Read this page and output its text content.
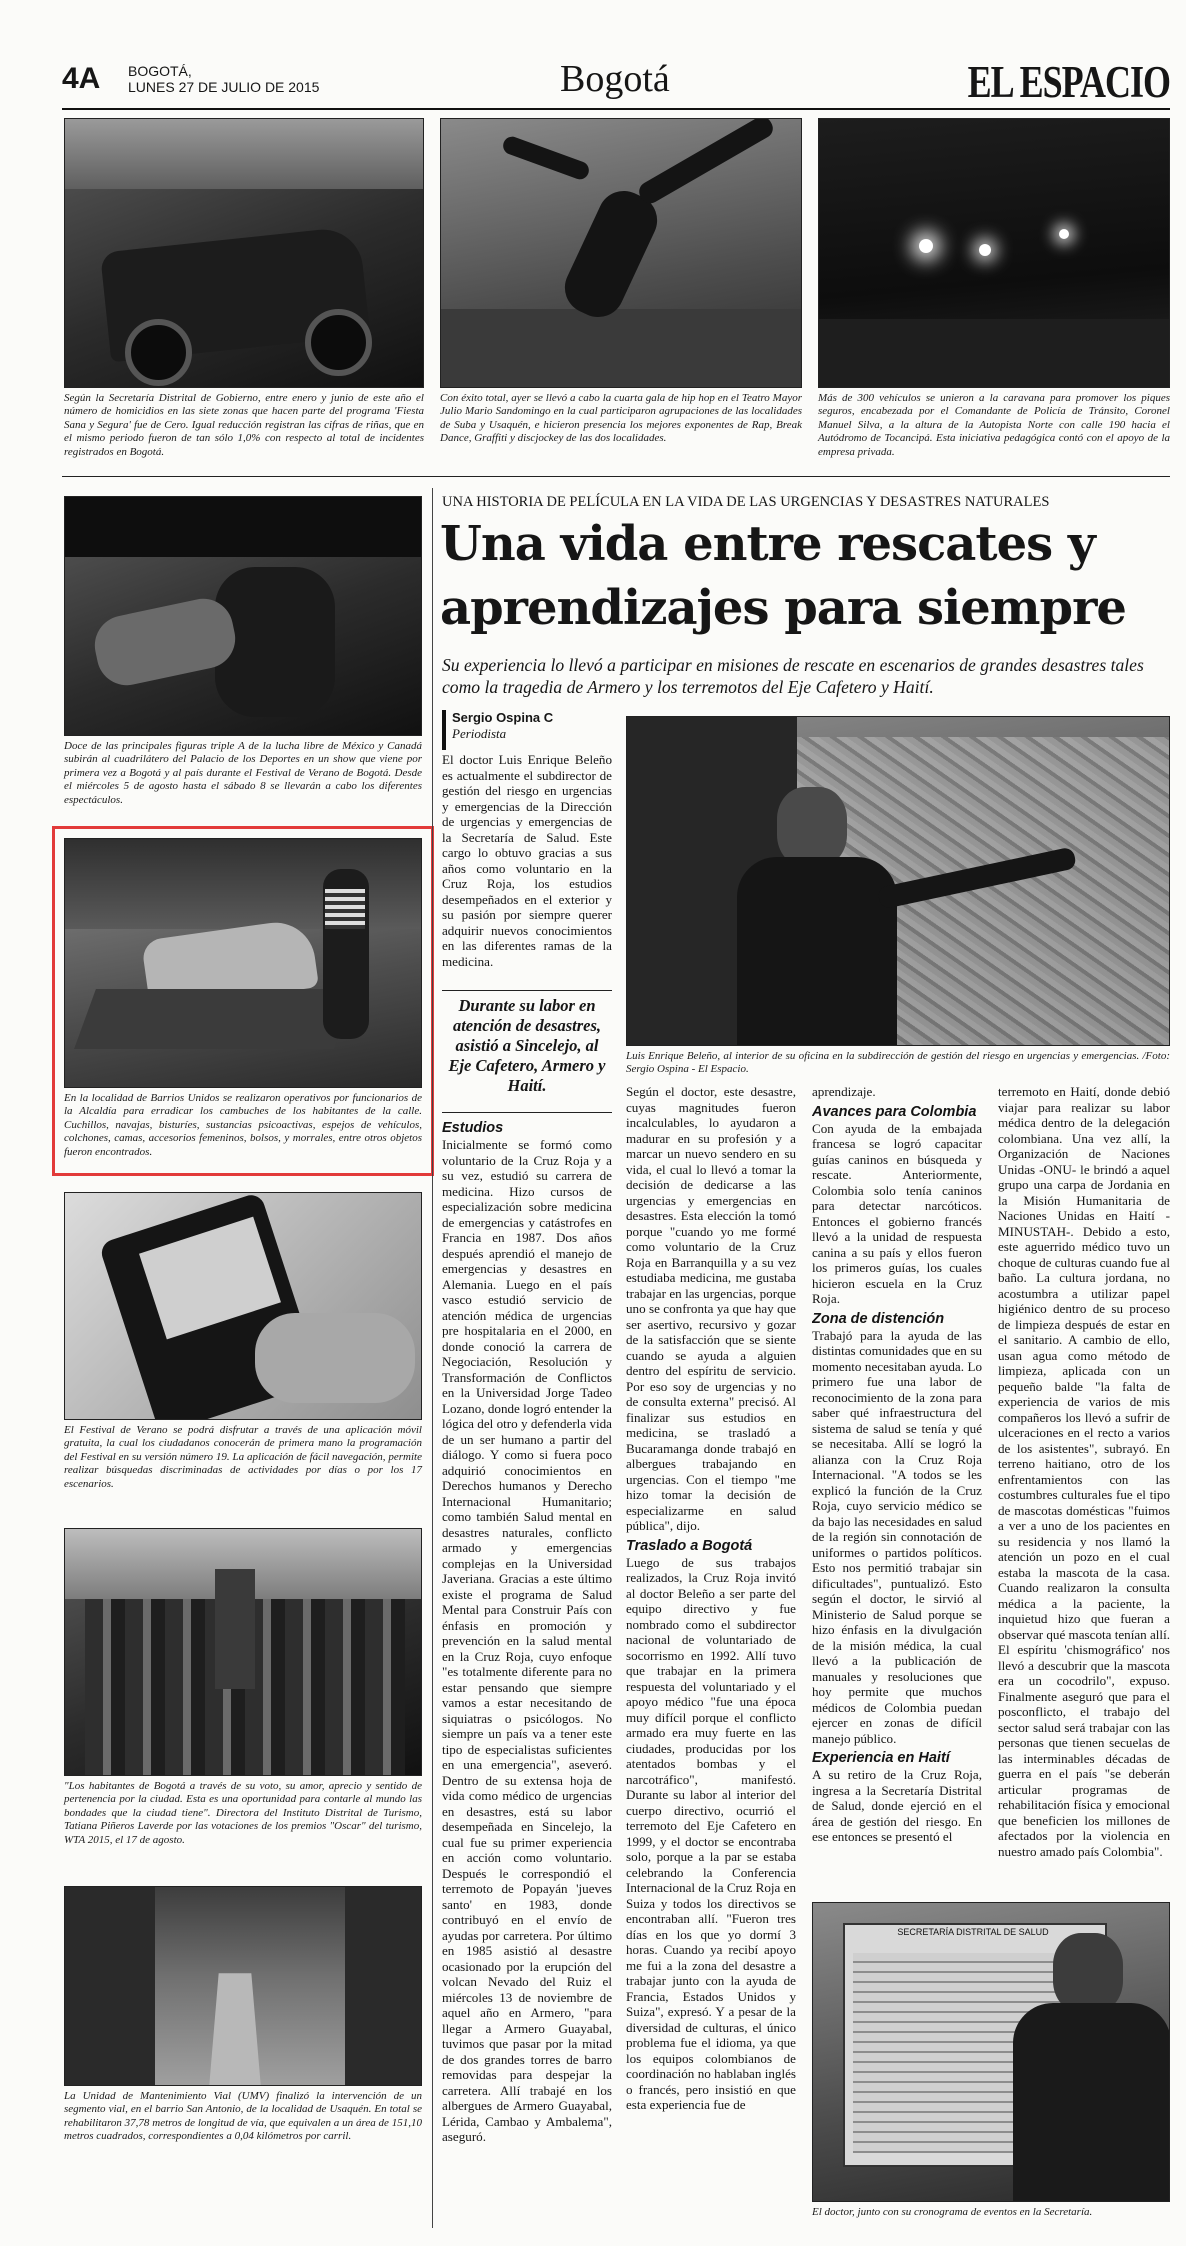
4A BOGOTÁ,
LUNES 27 DE JULIO DE 2015	Bogotá	EL ESPACIO
Según la Secretaría Distrital de Gobierno, entre enero y junio de este año el número de homicidios en las siete zonas que hacen parte del programa 'Fiesta Sana y Segura' fue de Cero. Igual reducción registran las cifras de riñas, que en el mismo periodo fueron de tan sólo 1,0% con respecto al total de incidentes registrados en Bogotá.
Con éxito total, ayer se llevó a cabo la cuarta gala de hip hop en el Teatro Mayor Julio Mario Sandomingo en la cual participaron agrupaciones de las localidades de Suba y Usaquén, e hicieron presencia los mejores exponentes de Rap, Break Dance, Graffiti y discjockey de las dos localidades.
Más de 300 vehículos se unieron a la caravana para promover los piques seguros, encabezada por el Comandante de Policía de Tránsito, Coronel Manuel Silva, a la altura de la Autopista Norte con calle 190 hacia el Autódromo de Tocancipá. Esta iniciativa pedagógica contó con el apoyo de la empresa privada.
Doce de las principales figuras triple A de la lucha libre de México y Canadá subirán al cuadrilátero del Palacio de los Deportes en un show que viene por primera vez a Bogotá y al país durante el Festival de Verano de Bogotá. Desde el miércoles 5 de agosto hasta el sábado 8 se llevarán a cabo los diferentes espectáculos.
En la localidad de Barrios Unidos se realizaron operativos por funcionarios de la Alcaldía para erradicar los cambuches de los habitantes de la calle. Cuchillos, navajas, bisturíes, sustancias psicoactivas, espejos de vehículos, colchones, camas, accesorios femeninos, bolsos, y morrales, entre otros objetos fueron encontrados.
El Festival de Verano se podrá disfrutar a través de una aplicación móvil gratuita, la cual los ciudadanos conocerán de primera mano la programación del Festival en su versión número 19. La aplicación de fácil navegación, permite realizar búsquedas discriminadas de actividades por días o por los 17 escenarios.
"Los habitantes de Bogotá a través de su voto, su amor, aprecio y sentido de pertenencia por la ciudad. Esta es una oportunidad para contarle al mundo las bondades que la ciudad tiene". Directora del Instituto Distrital de Turismo, Tatiana Piñeros Laverde por las votaciones de los premios "Oscar" del turismo, WTA 2015, el 17 de agosto.
La Unidad de Mantenimiento Vial (UMV) finalizó la intervención de un segmento vial, en el barrio San Antonio, de la localidad de Usaquén. En total se rehabilitaron 37,78 metros de longitud de vía, que equivalen a un área de 151,10 metros cuadrados, correspondientes a 0,04 kilómetros por carril.
UNA HISTORIA DE PELÍCULA EN LA VIDA DE LAS URGENCIAS Y DESASTRES NATURALES
Una vida entre rescates y
aprendizajes para siempre
Su experiencia lo llevó a participar en misiones de rescate en escenarios de grandes desastres tales como la tragedia de Armero y los terremotos del Eje Cafetero y Haití.
Sergio Ospina C
Periodista

El doctor Luis Enrique Beleño es actualmente el subdirector de gestión del riesgo en urgencias y emergencias de la Dirección de urgencias y emergencias de la Secretaría de Salud. Este cargo lo obtuvo gracias a sus años como voluntario en la Cruz Roja, los estudios desempeñados en el exterior y su pasión por siempre querer adquirir nuevos conocimientos en las diferentes ramas de la medicina.

Durante su labor en atención de desastres, asistió a Sincelejo, al Eje Cafetero, Armero y Haití.
Luis Enrique Beleño, al interior de su oficina en la subdirección de gestión del riesgo en urgencias y emergencias. /Foto: Sergio Ospina - El Espacio.
Estudios

Inicialmente se formó como voluntario de la Cruz Roja y a su vez, estudió su carrera de medicina. Hizo cursos de especialización sobre medicina de emergencias y catástrofes en Francia en 1987. Dos años después aprendió el manejo de emergencias y desastres en Alemania. Luego en el país vasco estudió servicio de atención médica de urgencias pre hospitalaria en el 2000, en donde conoció la carrera de Negociación, Resolución y Transformación de Conflictos en la Universidad Jorge Tadeo Lozano, donde logró entender la lógica del otro y defenderla vida de un ser humano a partir del diálogo. Y como si fuera poco adquirió conocimientos en Derechos humanos y Derecho Internacional Humanitario; como también Salud mental en desastres naturales, conflicto armado y emergencias complejas en la Universidad Javeriana. Gracias a este último existe el programa de Salud Mental para Construir País con énfasis en promoción y prevención en la salud mental en la Cruz Roja, cuyo enfoque "es totalmente diferente para no estar pensando que siempre vamos a estar necesitando de siquiatras o psicólogos. No siempre un país va a tener este tipo de especialistas suficientes en una emergencia", aseveró. Dentro de su extensa hoja de vida como médico de urgencias en desastres, está su labor desempeñada en Sincelejo, la cual fue su primer experiencia en acción como voluntario. Después le correspondió el terremoto de Popayán 'jueves santo' en 1983, donde contribuyó en el envío de ayudas por carretera. Por último en 1985 asistió al desastre ocasionado por la erupción del volcan Nevado del Ruiz el miércoles 13 de noviembre de aquel año en Armero, "para llegar a Armero Guayabal, tuvimos que pasar por la mitad de dos grandes torres de barro removidas para despejar la carretera. Allí trabajé en los albergues de Armero Guayabal, Lérida, Cambao y Ambalema", aseguró.

Según el doctor, este desastre, cuyas magnitudes fueron incalculables, lo ayudaron a madurar en su profesión y a marcar un nuevo sendero en su vida, el cual lo llevó a tomar la decisión de dedicarse a las urgencias y emergencias en desastres. Esta elección la tomó porque "cuando yo me formé como voluntario de la Cruz Roja en Barranquilla y a su vez estudiaba medicina, me gustaba trabajar en las urgencias, porque uno se confronta ya que hay que ser asertivo, recursivo y gozar de la satisfacción que se siente cuando se ayuda a alguien dentro del espíritu de servicio. Por eso soy de urgencias y no de consulta externa" precisó. Al finalizar sus estudios en medicina, se trasladó a Bucaramanga donde trabajó en albergues trabajando en urgencias. Con el tiempo "me hizo tomar la decisión de especializarme en salud pública", dijo.

Traslado a Bogotá

Luego de sus trabajos realizados, la Cruz Roja invitó al doctor Beleño a ser parte del equipo directivo y fue nombrado como el subdirector nacional de voluntariado de socorrismo en 1992. Allí tuvo que trabajar en la primera respuesta del voluntariado y el apoyo médico "fue una época muy difícil porque el conflicto armado era muy fuerte en las ciudades, producidas por los atentados bombas y el narcotráfico", manifestó. Durante su labor al interior del cuerpo directivo, ocurrió el terremoto del Eje Cafetero en 1999, y el doctor se encontraba solo, porque a la par se estaba celebrando la Conferencia Internacional de la Cruz Roja en Suiza y todos los directivos se encontraban allí. "Fueron tres días en los que yo dormí 3 horas. Cuando ya recibí apoyo me fui a la zona del desastre a trabajar junto con la ayuda de Francia, Estados Unidos y Suiza", expresó. Y a pesar de la diversidad de culturas, el único problema fue el idioma, ya que los equipos colombianos de coordinación no hablaban inglés o francés, pero insistió en que esta experiencia fue de

aprendizaje.

Avances para Colombia

Con ayuda de la embajada francesa se logró capacitar guías caninos en búsqueda y rescate. Anteriormente, Colombia solo tenía caninos para detectar narcóticos. Entonces el gobierno francés llevó a la unidad de respuesta canina a su país y ellos fueron los primeros guías, los cuales hicieron escuela en la Cruz Roja.

Zona de distención

Trabajó para la ayuda de las distintas comunidades que en su momento necesitaban ayuda. Lo primero fue una labor de reconocimiento de la zona para saber qué infraestructura del sistema de salud se tenía y qué se necesitaba. Allí se logró la alianza con la Cruz Roja Internacional. "A todos se les explicó la función de la Cruz Roja, cuyo servicio médico se da bajo las necesidades en salud de la región sin connotación de uniformes o partidos políticos. Esto nos permitió trabajar sin dificultades", puntualizó. Esto según el doctor, le sirvió al Ministerio de Salud porque se hizo énfasis en la divulgación de la misión médica, la cual llevó a la publicación de manuales y resoluciones que hoy permite que muchos médicos de Colombia puedan ejercer en zonas de difícil manejo público.

Experiencia en Haití

A su retiro de la Cruz Roja, ingresa a la Secretaría Distrital de Salud, donde ejerció en el área de gestión del riesgo. En ese entonces se presentó el

terremoto en Haití, donde debió viajar para realizar su labor médica dentro de la delegación colombiana. Una vez allí, la Organización de Naciones Unidas -ONU- le brindó a aquel grupo una carpa de Jordania en la Misión Humanitaria de Naciones Unidas en Haití -MINUSTAH-. Debido a esto, este aguerrido médico tuvo un choque de culturas cuando fue al baño. La cultura jordana, no acostumbra a utilizar papel higiénico dentro de su proceso de limpieza después de estar en el sanitario. A cambio de ello, usan agua como método de limpieza, aplicada con un pequeño balde "la falta de experiencia de varios de mis compañeros los llevó a sufrir de ulceraciones en el recto a varios de los asistentes", subrayó. En terreno haitiano, otro de los enfrentamientos con las costumbres culturales fue el tipo de mascotas domésticas "fuimos a ver a uno de los pacientes en su residencia y nos llamó la atención un pozo en el cual estaba la mascota de la casa. Cuando realizaron la consulta médica a la paciente, la inquietud hizo que fueran a observar qué mascota tenían allí. El espíritu 'chismográfico' nos llevó a descubrir que la mascota era un cocodrilo", expuso. Finalmente aseguró que para el posconflicto, el trabajo del sector salud será trabajar con las personas que tienen secuelas de las interminables décadas de guerra en el país "se deberán articular programas de rehabilitación física y emocional que beneficien los millones de afectados por la violencia en nuestro amado país Colombia".

SECRETARÍA DISTRITAL DE SALUD
El doctor, junto con su cronograma de eventos en la Secretaría.
